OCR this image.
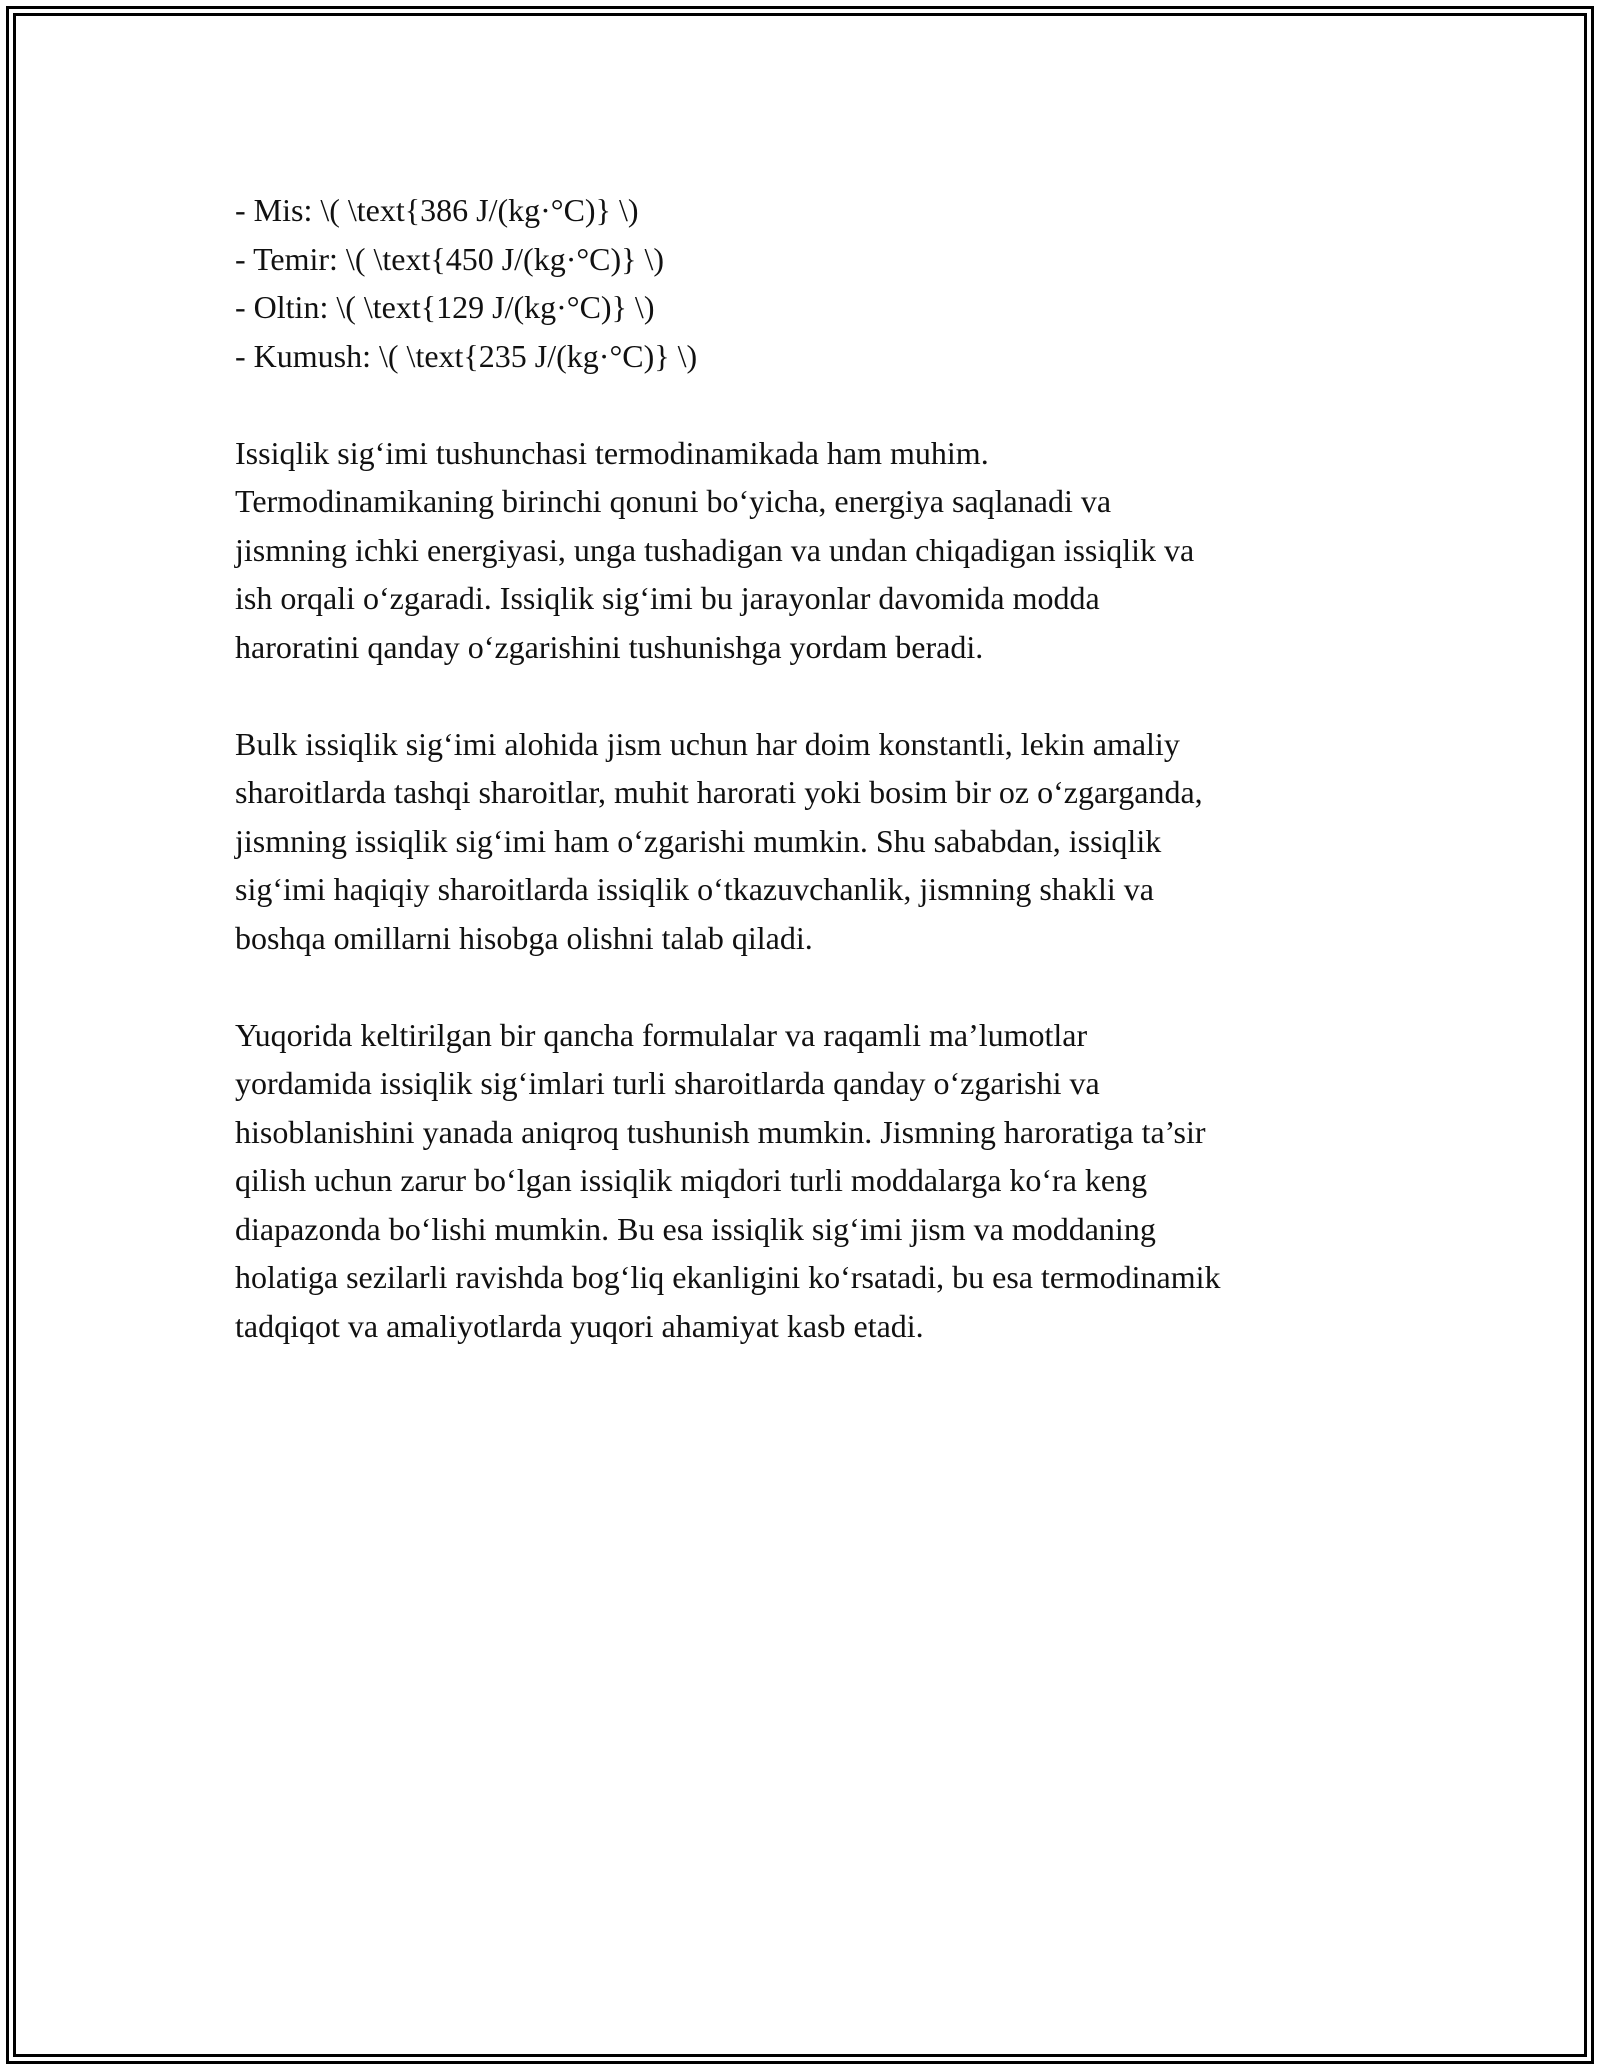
- Mis: \( \text{386 J/(kg·°C)} \)
- Temir: \( \text{450 J/(kg·°C)} \)
- Oltin: \( \text{129 J/(kg·°C)} \)
- Kumush: \( \text{235 J/(kg·°C)} \)

Issiqlik sig‘imi tushunchasi termodinamikada ham muhim.
Termodinamikaning birinchi qonuni bo‘yicha, energiya saqlanadi va
jismning ichki energiyasi, unga tushadigan va undan chiqadigan issiqlik va
ish orqali o‘zgaradi. Issiqlik sig‘imi bu jarayonlar davomida modda
haroratini qanday o‘zgarishini tushunishga yordam beradi.

Bulk issiqlik sig‘imi alohida jism uchun har doim konstantli, lekin amaliy
sharoitlarda tashqi sharoitlar, muhit harorati yoki bosim bir oz o‘zgarganda,
jismning issiqlik sig‘imi ham o‘zgarishi mumkin. Shu sababdan, issiqlik
sig‘imi haqiqiy sharoitlarda issiqlik o‘tkazuvchanlik, jismning shakli va
boshqa omillarni hisobga olishni talab qiladi.

Yuqorida keltirilgan bir qancha formulalar va raqamli ma’lumotlar
yordamida issiqlik sig‘imlari turli sharoitlarda qanday o‘zgarishi va
hisoblanishini yanada aniqroq tushunish mumkin. Jismning haroratiga ta’sir
qilish uchun zarur bo‘lgan issiqlik miqdori turli moddalarga ko‘ra keng
diapazonda bo‘lishi mumkin. Bu esa issiqlik sig‘imi jism va moddaning
holatiga sezilarli ravishda bog‘liq ekanligini ko‘rsatadi, bu esa termodinamik
tadqiqot va amaliyotlarda yuqori ahamiyat kasb etadi.
